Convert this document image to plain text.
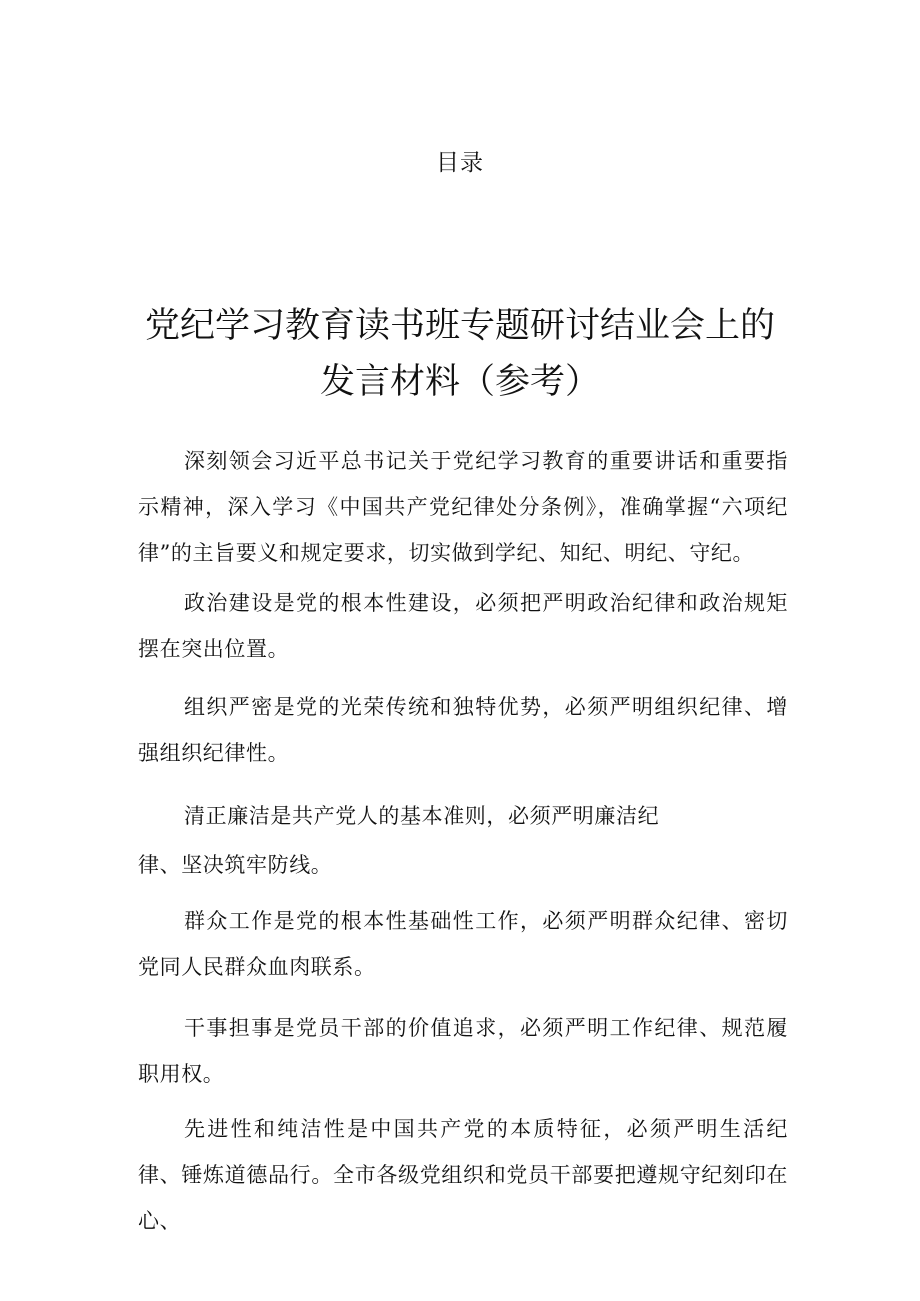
目录
党纪学习教育读书班专题研讨结业会上的
发言材料（参考）

深刻领会习近平总书记关于党纪学习教育的重要讲话和重要指示精神，深入学习《中国共产党纪律处分条例》，准确掌握“六项纪律”的主旨要义和规定要求，切实做到学纪、知纪、明纪、守纪。

政治建设是党的根本性建设，必须把严明政治纪律和政治规矩摆在突出位置。

组织严密是党的光荣传统和独特优势，必须严明组织纪律、增强组织纪律性。

清正廉洁是共产党人的基本准则，必须严明廉洁纪

律、坚决筑牢防线。

群众工作是党的根本性基础性工作，必须严明群众纪律、密切党同人民群众血肉联系。

干事担事是党员干部的价值追求，必须严明工作纪律、规范履职用权。

先进性和纯洁性是中国共产党的本质特征，必须严明生活纪律、锤炼道德品行。全市各级党组织和党员干部要把遵规守纪刻印在心、
